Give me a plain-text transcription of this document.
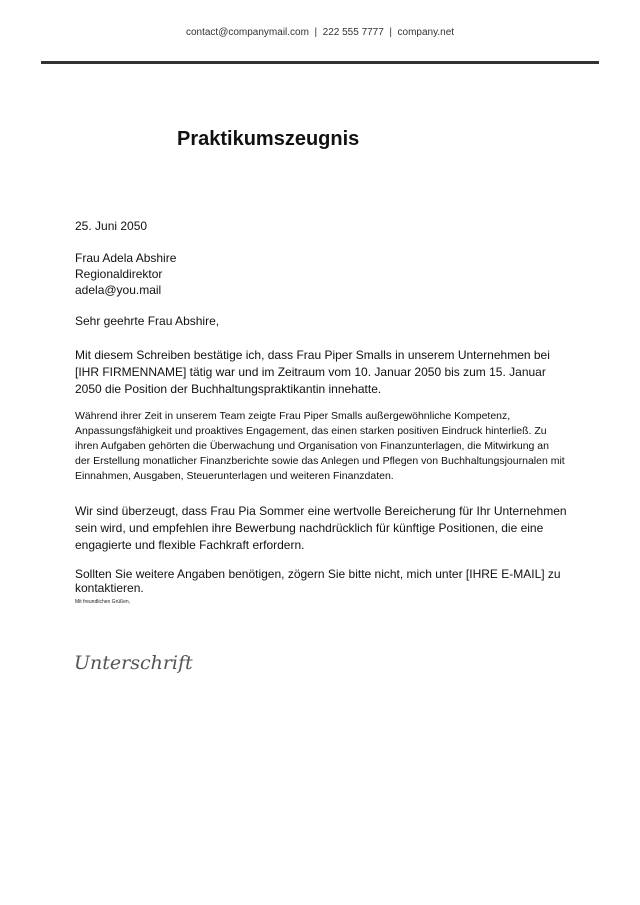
contact@companymail.com  |  222 555 7777  |  company.net
Praktikumszeugnis
25. Juni 2050
Frau Adela Abshire
Regionaldirektor
adela@you.mail
Sehr geehrte Frau Abshire,
Mit diesem Schreiben bestätige ich, dass Frau Piper Smalls in unserem Unternehmen bei [IHR FIRMENNAME] tätig war und im Zeitraum vom 10. Januar 2050 bis zum 15. Januar 2050 die Position der Buchhaltungspraktikantin innehatte.
Während ihrer Zeit in unserem Team zeigte Frau Piper Smalls außergewöhnliche Kompetenz, Anpassungsfähigkeit und proaktives Engagement, das einen starken positiven Eindruck hinterließ. Zu ihren Aufgaben gehörten die Überwachung und Organisation von Finanzunterlagen, die Mitwirkung an der Erstellung monatlicher Finanzberichte sowie das Anlegen und Pflegen von Buchhaltungsjournalen mit Einnahmen, Ausgaben, Steuerunterlagen und weiteren Finanzdaten.
Wir sind überzeugt, dass Frau Pia Sommer eine wertvolle Bereicherung für Ihr Unternehmen sein wird, und empfehlen ihre Bewerbung nachdrücklich für künftige Positionen, die eine engagierte und flexible Fachkraft erfordern.
Sollten Sie weitere Angaben benötigen, zögern Sie bitte nicht, mich unter [IHRE E-MAIL] zu kontaktieren.
Mit freundlichen Grüßen,
Unterschrift
